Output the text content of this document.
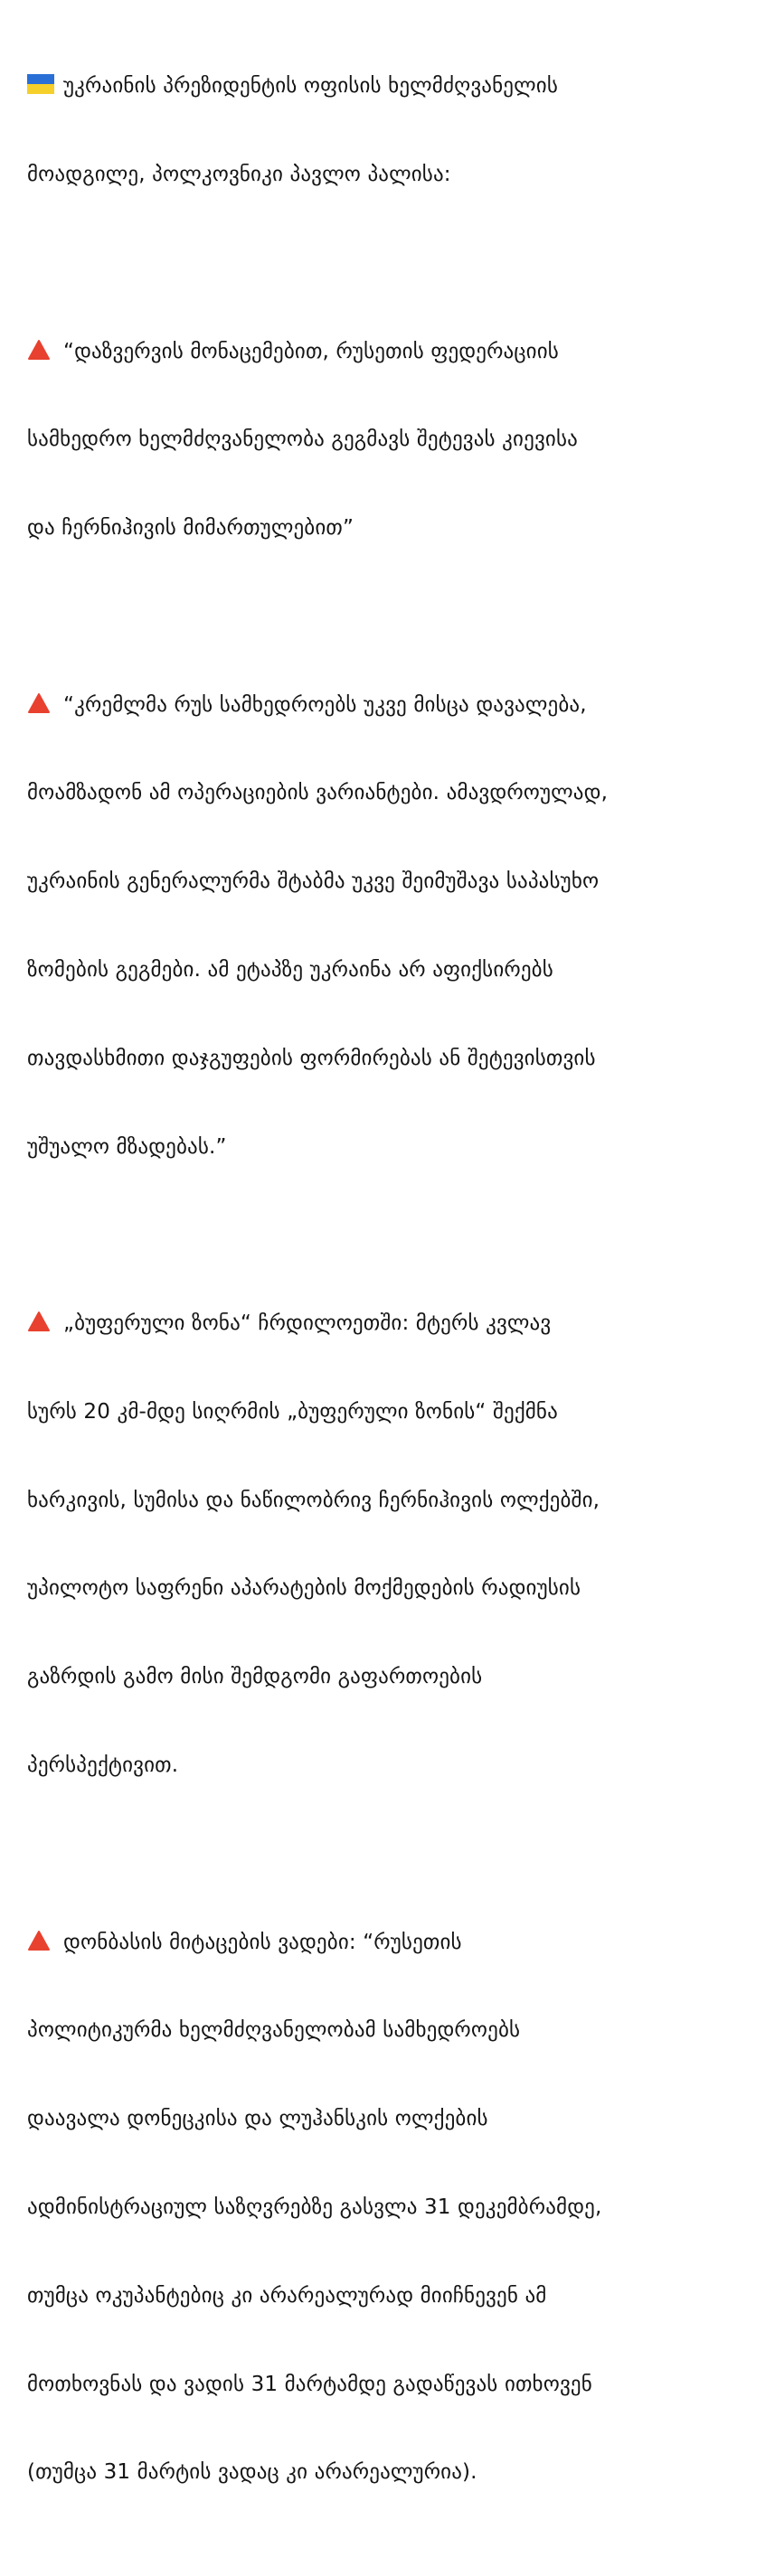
უკრაინის პრეზიდენტის ოფისის ხელმძღვანელის

მოადგილე, პოლკოვნიკი პავლო პალისა:

“დაზვერვის მონაცემებით, რუსეთის ფედერაციის

სამხედრო ხელმძღვანელობა გეგმავს შეტევას კიევისა

და ჩერნიჰივის მიმართულებით”

“კრემლმა რუს სამხედროებს უკვე მისცა დავალება,

მოამზადონ ამ ოპერაციების ვარიანტები. ამავდროულად,

უკრაინის გენერალურმა შტაბმა უკვე შეიმუშავა საპასუხო

ზომების გეგმები. ამ ეტაპზე უკრაინა არ აფიქსირებს

თავდასხმითი დაჯგუფების ფორმირებას ან შეტევისთვის

უშუალო მზადებას.”

„ბუფერული ზონა“ ჩრდილოეთში: მტერს კვლავ

სურს 20 კმ-მდე სიღრმის „ბუფერული ზონის“ შექმნა

ხარკივის, სუმისა და ნაწილობრივ ჩერნიჰივის ოლქებში,

უპილოტო საფრენი აპარატების მოქმედების რადიუსის

გაზრდის გამო მისი შემდგომი გაფართოების

პერსპექტივით.

დონბასის მიტაცების ვადები: “რუსეთის

პოლიტიკურმა ხელმძღვანელობამ სამხედროებს

დაავალა დონეცკისა და ლუჰანსკის ოლქების

ადმინისტრაციულ საზღვრებზე გასვლა 31 დეკემბრამდე,

თუმცა ოკუპანტებიც კი არარეალურად მიიჩნევენ ამ

მოთხოვნას და ვადის 31 მარტამდე გადაწევას ითხოვენ

(თუმცა 31 მარტის ვადაც კი არარეალურია).
